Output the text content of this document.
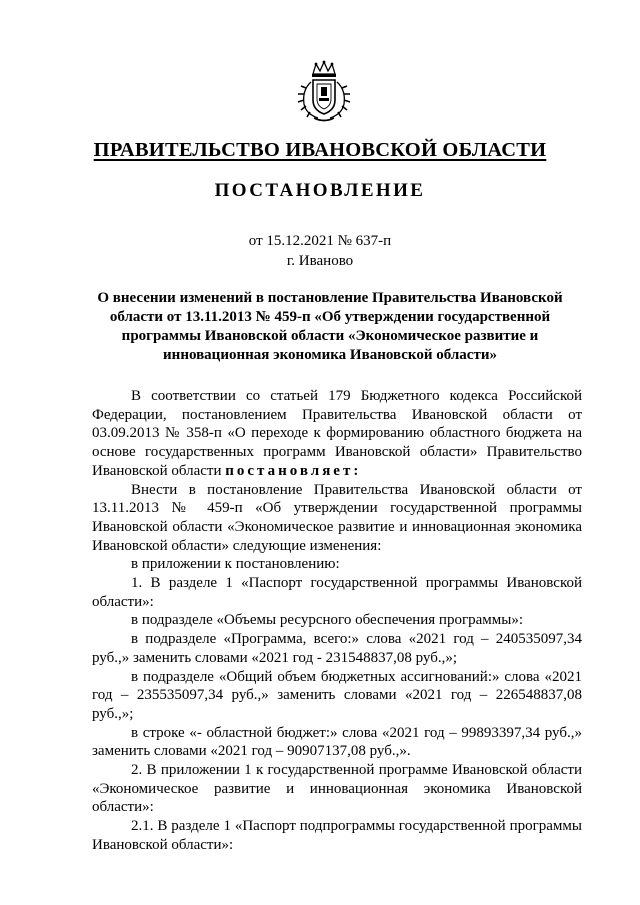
ПРАВИТЕЛЬСТВО ИВАНОВСКОЙ ОБЛАСТИ
ПОСТАНОВЛЕНИЕ
от 15.12.2021 № 637-п
г. Иваново
О внесении изменений в постановление Правительства Ивановской области от 13.11.2013 № 459-п «Об утверждении государственной программы Ивановской области «Экономическое развитие и инновационная экономика Ивановской области»

В соответствии со статьей 179 Бюджетного кодекса Российской Федерации, постановлением Правительства Ивановской области от 03.09.2013 № 358-п «О переходе к формированию областного бюджета на основе государственных программ Ивановской области» Правительство Ивановской области постановляет:

Внести в постановление Правительства Ивановской области от 13.11.2013 № 459-п «Об утверждении государственной программы Ивановской области «Экономическое развитие и инновационная экономика Ивановской области» следующие изменения:

в приложении к постановлению:

1. В разделе 1 «Паспорт государственной программы Ивановской области»:

в подразделе «Объемы ресурсного обеспечения программы»:

в подразделе «Программа, всего:» слова «2021 год – 240535097,34 руб.,» заменить словами «2021 год - 231548837,08 руб.,»;

в подразделе «Общий объем бюджетных ассигнований:» слова «2021 год – 235535097,34 руб.,» заменить словами «2021 год – 226548837,08 руб.,»;

в строке «- областной бюджет:» слова «2021 год – 99893397,34 руб.,» заменить словами «2021 год – 90907137,08 руб.,».

2. В приложении 1 к государственной программе Ивановской области «Экономическое развитие и инновационная экономика Ивановской области»:

2.1. В разделе 1 «Паспорт подпрограммы государственной программы Ивановской области»:
